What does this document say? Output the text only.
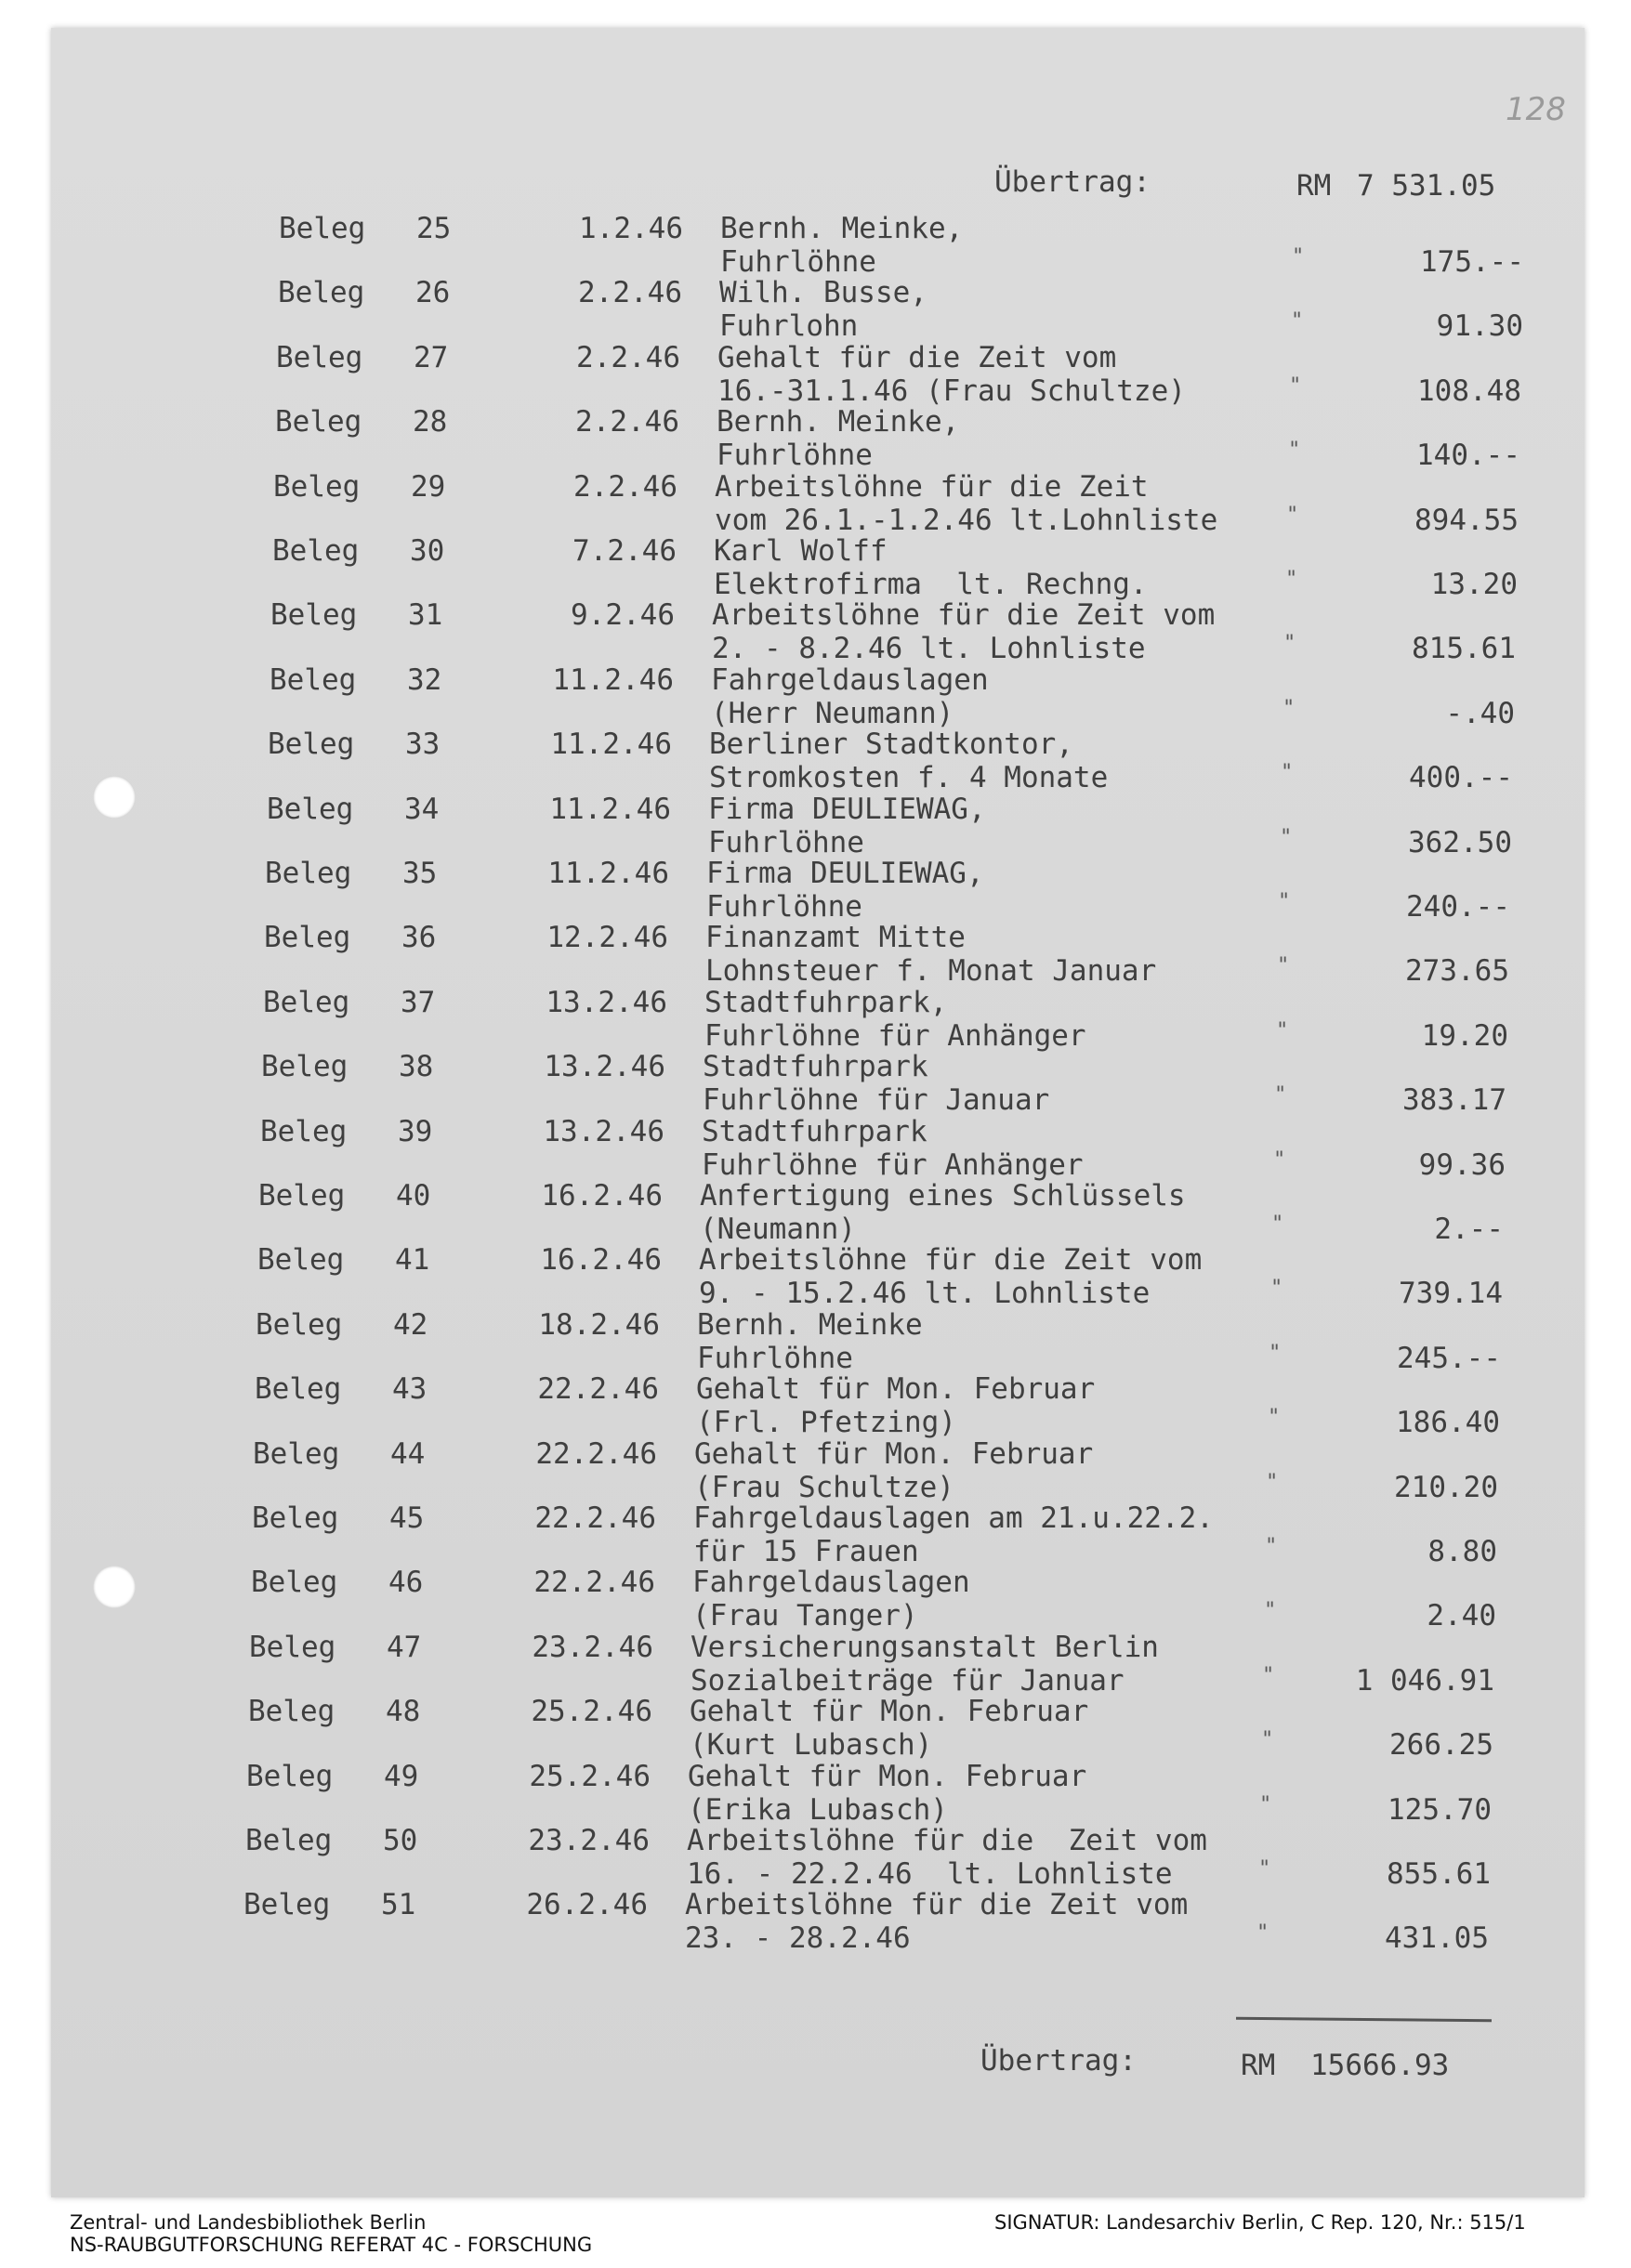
128
Übertrag:	RM 7 531.05
Beleg 25	1.2.46 Bernh. Meinke,
Fuhrlöhne	"	175.--
Beleg 26	2.2.46 Wilh. Busse,
Fuhrlohn	"	91.30
Beleg 27	2.2.46 Gehalt für die Zeit vom
16.-31.1.46 (Frau Schultze)	"	108.48
Beleg 28	2.2.46 Bernh. Meinke,
Fuhrlöhne	"	140.--
Beleg 29	2.2.46 Arbeitslöhne für die Zeit
vom 26.1.-1.2.46 lt.Lohnliste	"	894.55
Beleg 30	7.2.46 Karl Wolff
Elektrofirma  lt. Rechng.	"	13.20
Beleg 31	9.2.46 Arbeitslöhne für die Zeit vom
2. - 8.2.46 lt. Lohnliste	"	815.61
Beleg 32	11.2.46 Fahrgeldauslagen
(Herr Neumann)	"	-.40
Beleg 33	11.2.46 Berliner Stadtkontor,
Stromkosten f. 4 Monate	"	400.--
Beleg 34	11.2.46 Firma DEULIEWAG,
Fuhrlöhne	"	362.50
Beleg 35	11.2.46 Firma DEULIEWAG,
Fuhrlöhne	"	240.--
Beleg 36	12.2.46 Finanzamt Mitte
Lohnsteuer f. Monat Januar	"	273.65
Beleg 37	13.2.46 Stadtfuhrpark,
Fuhrlöhne für Anhänger	"	19.20
Beleg 38	13.2.46 Stadtfuhrpark
Fuhrlöhne für Januar	"	383.17
Beleg 39	13.2.46 Stadtfuhrpark
Fuhrlöhne für Anhänger	"	99.36
Beleg 40	16.2.46 Anfertigung eines Schlüssels
(Neumann)	"	2.--
Beleg 41	16.2.46 Arbeitslöhne für die Zeit vom
9. - 15.2.46 lt. Lohnliste	"	739.14
Beleg 42	18.2.46 Bernh. Meinke
Fuhrlöhne	"	245.--
Beleg 43	22.2.46 Gehalt für Mon. Februar
(Frl. Pfetzing)	"	186.40
Beleg 44	22.2.46 Gehalt für Mon. Februar
(Frau Schultze)	"	210.20
Beleg 45	22.2.46 Fahrgeldauslagen am 21.u.22.2.
für 15 Frauen	"	8.80
Beleg 46	22.2.46 Fahrgeldauslagen
(Frau Tanger)	"	2.40
Beleg 47	23.2.46 Versicherungsanstalt Berlin
Sozialbeiträge für Januar	"	1 046.91
Beleg 48	25.2.46 Gehalt für Mon. Februar
(Kurt Lubasch)	"	266.25
Beleg 49	25.2.46 Gehalt für Mon. Februar
(Erika Lubasch)	"	125.70
Beleg 50	23.2.46 Arbeitslöhne für die  Zeit vom
16. - 22.2.46  lt. Lohnliste	"	855.61
Beleg 51	26.2.46 Arbeitslöhne für die Zeit vom
23. - 28.2.46	"	431.05
Übertrag:	RM 15666.93
Zentral- und Landesbibliothek Berlin
NS-RAUBGUTFORSCHUNG REFERAT 4C - FORSCHUNG
SIGNATUR: Landesarchiv Berlin, C Rep. 120, Nr.: 515/1
